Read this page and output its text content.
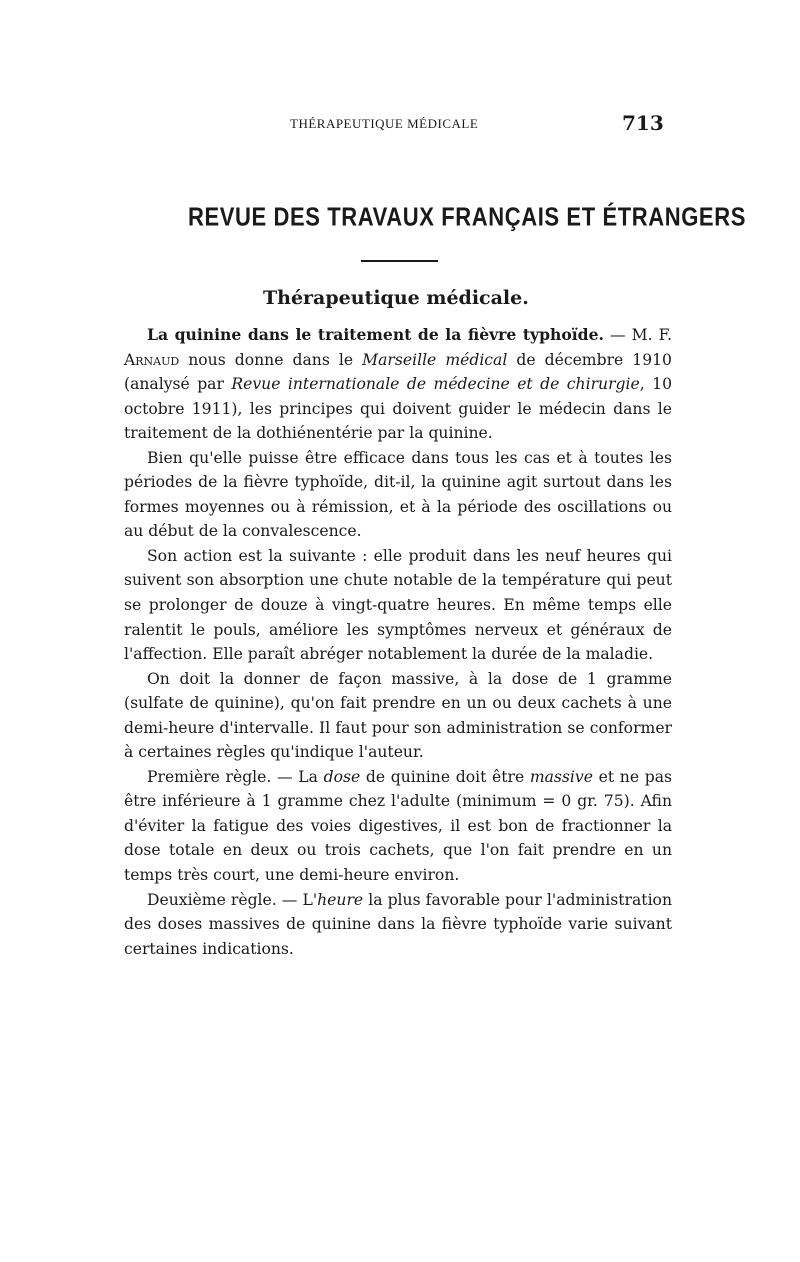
THÉRAPEUTIQUE MÉDICALE	713
REVUE DES TRAVAUX FRANÇAIS ET ÉTRANGERS
Thérapeutique médicale.

La quinine dans le traitement de la fièvre typhoïde. — M. F. Arnaud nous donne dans le Marseille médical de décembre 1910 (analysé par Revue internationale de médecine et de chirurgie, 10 octobre 1911), les principes qui doivent guider le médecin dans le traitement de la dothiénentérie par la quinine.

Bien qu'elle puisse être efficace dans tous les cas et à toutes les périodes de la fièvre typhoïde, dit-il, la quinine agit surtout dans les formes moyennes ou à rémission, et à la période des oscillations ou au début de la convalescence.

Son action est la suivante : elle produit dans les neuf heures qui suivent son absorption une chute notable de la température qui peut se prolonger de douze à vingt-quatre heures. En même temps elle ralentit le pouls, améliore les symptômes nerveux et généraux de l'affection. Elle paraît abréger notablement la durée de la maladie.

On doit la donner de façon massive, à la dose de 1 gramme (sulfate de quinine), qu'on fait prendre en un ou deux cachets à une demi-heure d'intervalle. Il faut pour son administration se conformer à certaines règles qu'indique l'auteur.

Première règle. — La dose de quinine doit être massive et ne pas être inférieure à 1 gramme chez l'adulte (minimum = 0 gr. 75). Afin d'éviter la fatigue des voies digestives, il est bon de fractionner la dose totale en deux ou trois cachets, que l'on fait prendre en un temps très court, une demi-heure environ.

Deuxième règle. — L'heure la plus favorable pour l'administration des doses massives de quinine dans la fièvre typhoïde varie suivant certaines indications.
